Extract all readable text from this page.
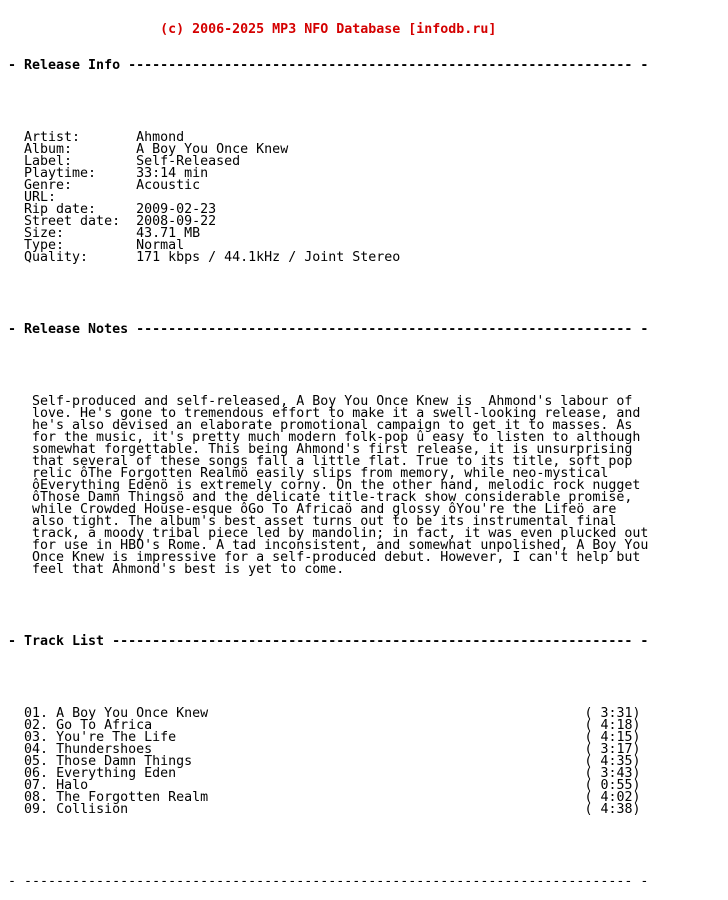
(c) 2006-2025 MP3 NFO Database [infodb.ru]

- Release Info --------------------------------------------------------------- -

Artist:       Ahmond
Album:        A Boy You Once Knew
Label:        Self-Released
Playtime:     33:14 min
Genre:        Acoustic
URL:
Rip date:     2009-02-23
Street date:  2008-09-22
Size:         43.71 MB
Type:         Normal
Quality:      171 kbps / 44.1kHz / Joint Stereo

- Release Notes -------------------------------------------------------------- -

Self-produced and self-released, A Boy You Once Knew is  Ahmond's labour of
love. He's gone to tremendous effort to make it a swell-looking release, and
he's also devised an elaborate promotional campaign to get it to masses. As
for the music, it's pretty much modern folk-pop û easy to listen to although
somewhat forgettable. This being Ahmond's first release, it is unsurprising
that several of these songs fall a little flat. True to its title, soft pop
relic ôThe Forgotten Realmö easily slips from memory, while neo-mystical
ôEverything Edenö is extremely corny. On the other hand, melodic rock nugget
ôThose Damn Thingsö and the delicate title-track show considerable promise,
while Crowded House-esque ôGo To Africaö and glossy ôYou're the Lifeö are
also tight. The album's best asset turns out to be its instrumental final
track, a moody tribal piece led by mandolin; in fact, it was even plucked out
for use in HBO's Rome. A tad inconsistent, and somewhat unpolished, A Boy You
Once Knew is impressive for a self-produced debut. However, I can't help but
feel that Ahmond's best is yet to come.

- Track List ----------------------------------------------------------------- -

01. A Boy You Once Knew	( 3:31)
02. Go To Africa	( 4:18)
03. You're The Life	( 4:15)
04. Thundershoes	( 3:17)
05. Those Damn Things	( 4:35)
06. Everything Eden	( 3:43)
07. Halo	( 0:55)
08. The Forgotten Realm	( 4:02)
09. Collision	( 4:38)

- ---------------------------------------------------------------------------- -
